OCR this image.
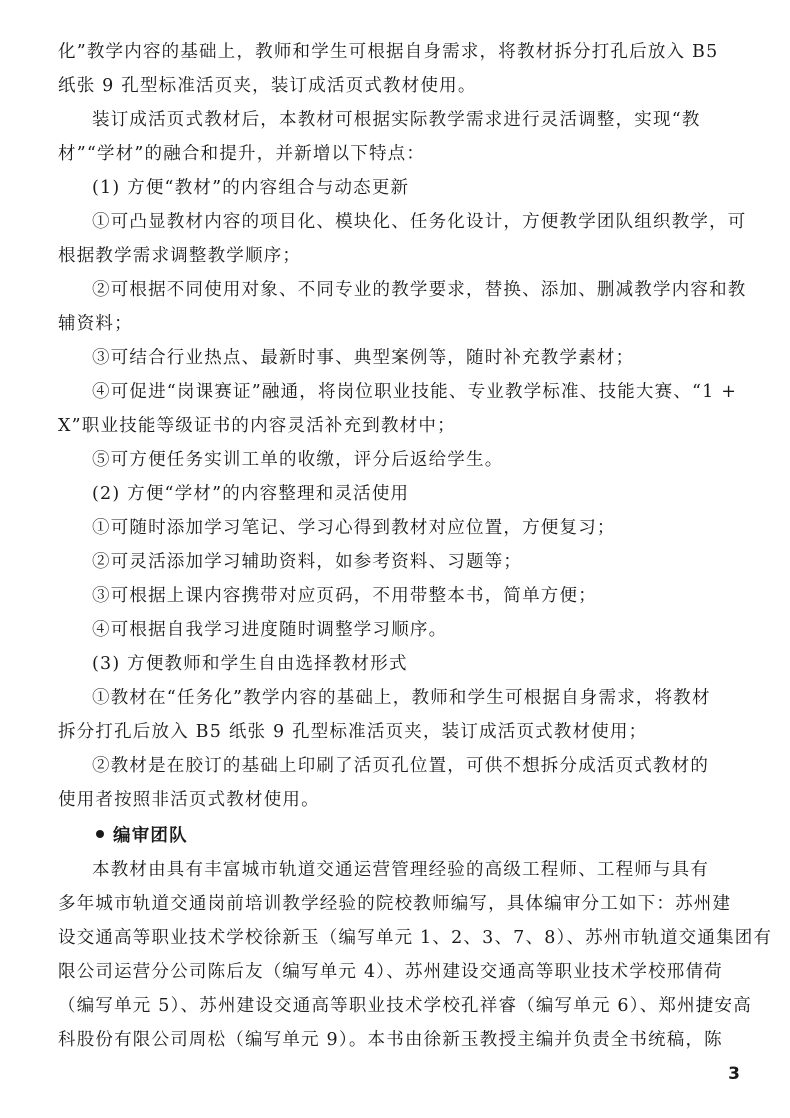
化”教学内容的基础上，教师和学生可根据自身需求，将教材拆分打孔后放入 B5
纸张 9 孔型标准活页夹，装订成活页式教材使用。
装订成活页式教材后，本教材可根据实际教学需求进行灵活调整，实现“教
材”“学材”的融合和提升，并新增以下特点：
(1) 方便“教材”的内容组合与动态更新
①可凸显教材内容的项目化、模块化、任务化设计，方便教学团队组织教学，可
根据教学需求调整教学顺序；
②可根据不同使用对象、不同专业的教学要求，替换、添加、删减教学内容和教
辅资料；
③可结合行业热点、最新时事、典型案例等，随时补充教学素材；
④可促进“岗课赛证”融通，将岗位职业技能、专业教学标准、技能大赛、“1 +
X”职业技能等级证书的内容灵活补充到教材中；
⑤可方便任务实训工单的收缴，评分后返给学生。
(2) 方便“学材”的内容整理和灵活使用
①可随时添加学习笔记、学习心得到教材对应位置，方便复习；
②可灵活添加学习辅助资料，如参考资料、习题等；
③可根据上课内容携带对应页码，不用带整本书，简单方便；
④可根据自我学习进度随时调整学习顺序。
(3) 方便教师和学生自由选择教材形式
①教材在“任务化”教学内容的基础上，教师和学生可根据自身需求，将教材
拆分打孔后放入 B5 纸张 9 孔型标准活页夹，装订成活页式教材使用；
②教材是在胶订的基础上印刷了活页孔位置，可供不想拆分成活页式教材的
使用者按照非活页式教材使用。
编审团队
本教材由具有丰富城市轨道交通运营管理经验的高级工程师、工程师与具有
多年城市轨道交通岗前培训教学经验的院校教师编写，具体编审分工如下：苏州建
设交通高等职业技术学校徐新玉（编写单元 1、2、3、7、8）、苏州市轨道交通集团有
限公司运营分公司陈后友（编写单元 4）、苏州建设交通高等职业技术学校邢倩荷
（编写单元 5）、苏州建设交通高等职业技术学校孔祥睿（编写单元 6）、郑州捷安高
科股份有限公司周松（编写单元 9）。本书由徐新玉教授主编并负责全书统稿，陈
3
